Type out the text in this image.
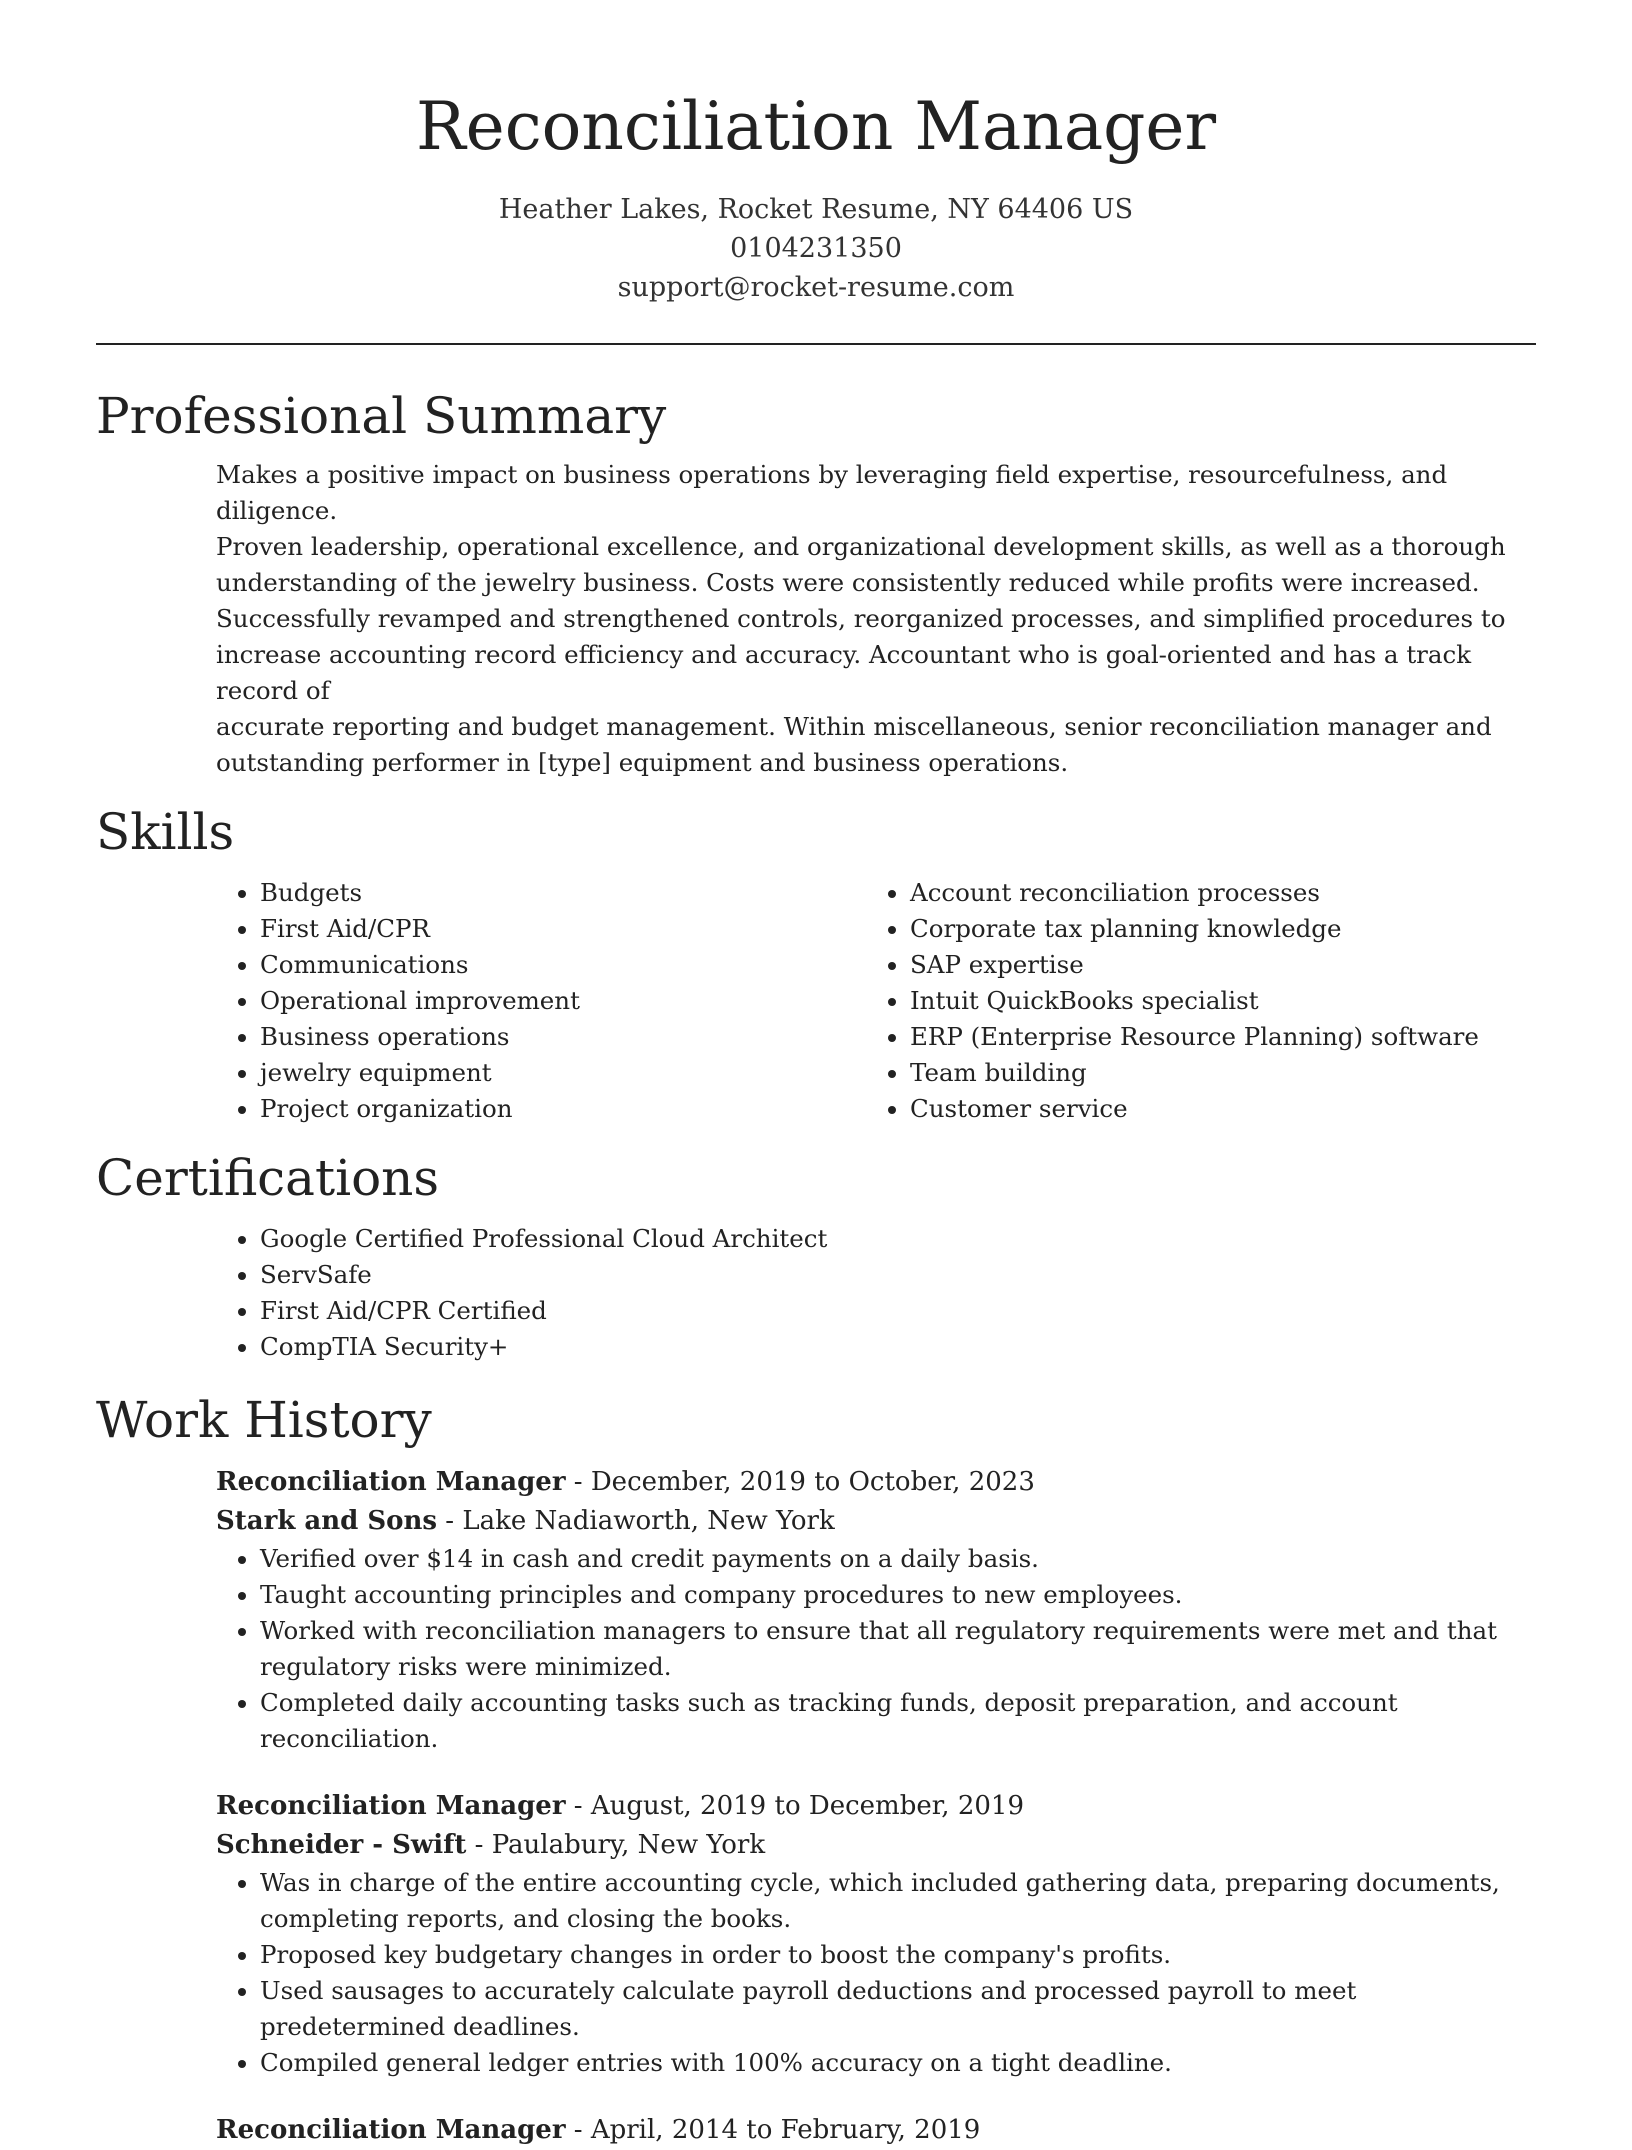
Reconciliation Manager
Heather Lakes, Rocket Resume, NY 64406 US
0104231350
support@rocket-resume.com
Professional Summary
Makes a positive impact on business operations by leveraging field expertise, resourcefulness, and diligence.
Proven leadership, operational excellence, and organizational development skills, as well as a thorough
understanding of the jewelry business. Costs were consistently reduced while profits were increased.
Successfully revamped and strengthened controls, reorganized processes, and simplified procedures to
increase accounting record efficiency and accuracy. Accountant who is goal-oriented and has a track record of
accurate reporting and budget management. Within miscellaneous, senior reconciliation manager and
outstanding performer in [type] equipment and business operations.
Skills
• Budgets
• First Aid/CPR
• Communications
• Operational improvement
• Business operations
• jewelry equipment
• Project organization
• Account reconciliation processes
• Corporate tax planning knowledge
• SAP expertise
• Intuit QuickBooks specialist
• ERP (Enterprise Resource Planning) software
• Team building
• Customer service
Certifications
• Google Certified Professional Cloud Architect
• ServSafe
• First Aid/CPR Certified
• CompTIA Security+
Work History
Reconciliation Manager - December, 2019 to October, 2023
Stark and Sons - Lake Nadiaworth, New York
• Verified over $14 in cash and credit payments on a daily basis.
• Taught accounting principles and company procedures to new employees.
• Worked with reconciliation managers to ensure that all regulatory requirements were met and that regulatory risks were minimized.
• Completed daily accounting tasks such as tracking funds, deposit preparation, and account reconciliation.
Reconciliation Manager - August, 2019 to December, 2019
Schneider - Swift - Paulabury, New York
• Was in charge of the entire accounting cycle, which included gathering data, preparing documents, completing reports, and closing the books.
• Proposed key budgetary changes in order to boost the company's profits.
• Used sausages to accurately calculate payroll deductions and processed payroll to meet predetermined deadlines.
• Compiled general ledger entries with 100% accuracy on a tight deadline.
Reconciliation Manager - April, 2014 to February, 2019
